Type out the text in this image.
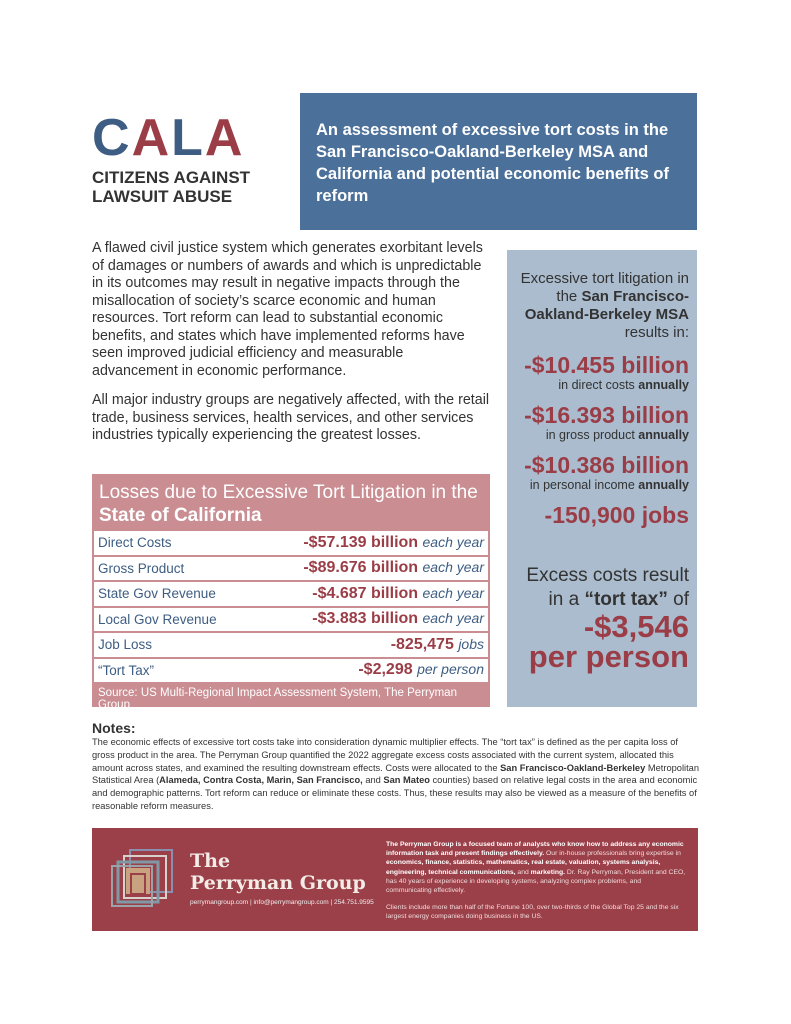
CALA
CITIZENS AGAINST
LAWSUIT ABUSE
An assessment of excessive tort costs in the San Francisco-Oakland-Berkeley MSA and California and potential economic benefits of reform

A flawed civil justice system which generates exorbitant levels of damages or numbers of awards and which is unpredictable in its outcomes may result in negative impacts through the misallocation of society’s scarce economic and human resources. Tort reform can lead to substantial economic benefits, and states which have implemented reforms have seen improved judicial efficiency and measurable advancement in economic performance.

All major industry groups are negatively affected, with the retail trade, business services, health services, and other services industries typically experiencing the greatest losses.

Losses due to Excessive Tort Litigation in the State of California
Direct Costs	-$57.139 billion each year
Gross Product	-$89.676 billion each year
State Gov Revenue	-$4.687 billion each year
Local Gov Revenue	-$3.883 billion each year
Job Loss	-825,475 jobs
“Tort Tax”	-$2,298 per person
Source: US Multi-Regional Impact Assessment System, The Perryman Group
Excessive tort litigation in the San Francisco-Oakland-Berkeley MSA results in:
-$10.455 billion
in direct costs annually
-$16.393 billion
in gross product annually
-$10.386 billion
in personal income annually
-150,900 jobs
Excess costs result in a “tort tax” of
-$3,546
per person
Notes:

The economic effects of excessive tort costs take into consideration dynamic multiplier effects. The “tort tax” is defined as the per capita loss of gross product in the area. The Perryman Group quantified the 2022 aggregate excess costs associated with the current system, allocated this amount across states, and examined the resulting downstream effects. Costs were allocated to the San Francisco-Oakland-Berkeley Metropolitan Statistical Area (Alameda, Contra Costa, Marin, San Francisco, and San Mateo counties) based on relative legal costs in the area and economic and demographic patterns. Tort reform can reduce or eliminate these costs. Thus, these results may also be viewed as a measure of the benefits of reasonable reform measures.

The
Perryman Group
perrymangroup.com | info@perrymangroup.com | 254.751.9595

The Perryman Group is a focused team of analysts who know how to address any economic information task and present findings effectively. Our in-house professionals bring expertise in economics, finance, statistics, mathematics, real estate, valuation, systems analysis, engineering, technical communications, and marketing. Dr. Ray Perryman, President and CEO, has 40 years of experience in developing systems, analyzing complex problems, and communicating effectively.

Clients include more than half of the Fortune 100, over two-thirds of the Global Top 25 and the six largest energy companies doing business in the US.
